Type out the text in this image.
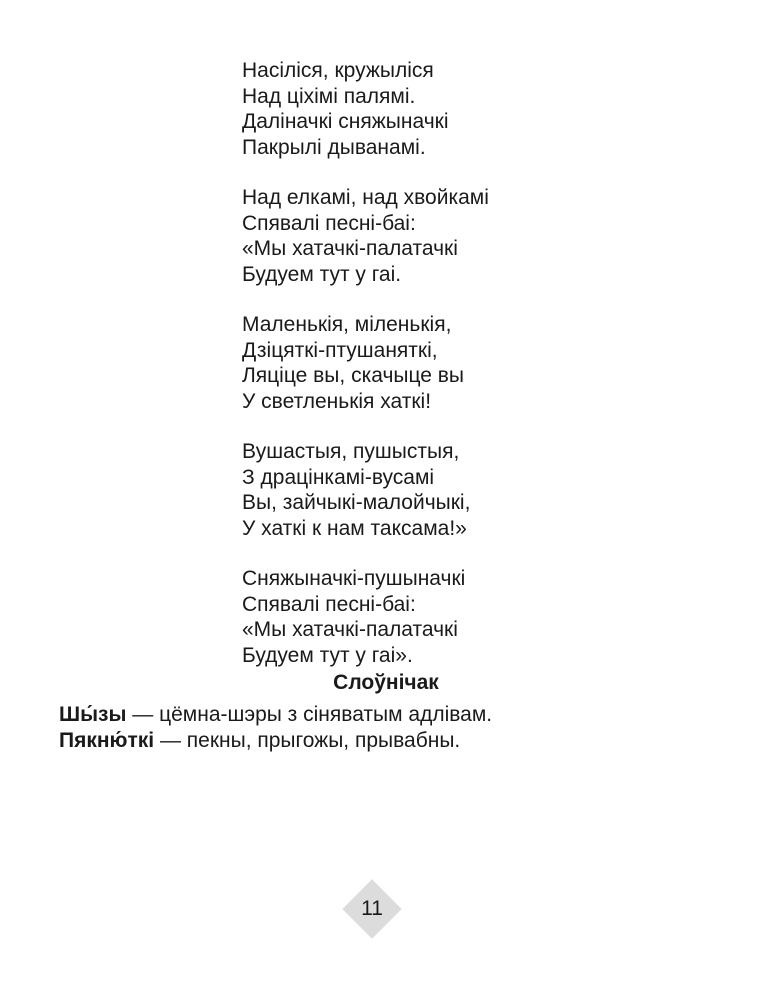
Насіліся, кружыліся
Над ціхімі палямі.
Даліначкі сняжыначкі
Пакрылі дыванамі.
Над елкамі, над хвойкамі
Спявалі песні-баі:
«Мы хатачкі-палатачкі
Будуем тут у гаі.
Маленькія, міленькія,
Дзіцяткі-птушаняткі,
Ляціце вы, скачыце вы
У светленькія хаткі!
Вушастыя, пушыстыя,
З драцінкамі-вусамі
Вы, зайчыкі-малойчыкі,
У хаткі к нам таксама!»
Сняжыначкі-пушыначкі
Спявалі песні-баі:
«Мы хатачкі-палатачкі
Будуем тут у гаі».
Слоўнічак
Шы́зы — цёмна-шэры з сіняватым адлівам.
Пякню́ткі — пекны, прыгожы, прывабны.
11
